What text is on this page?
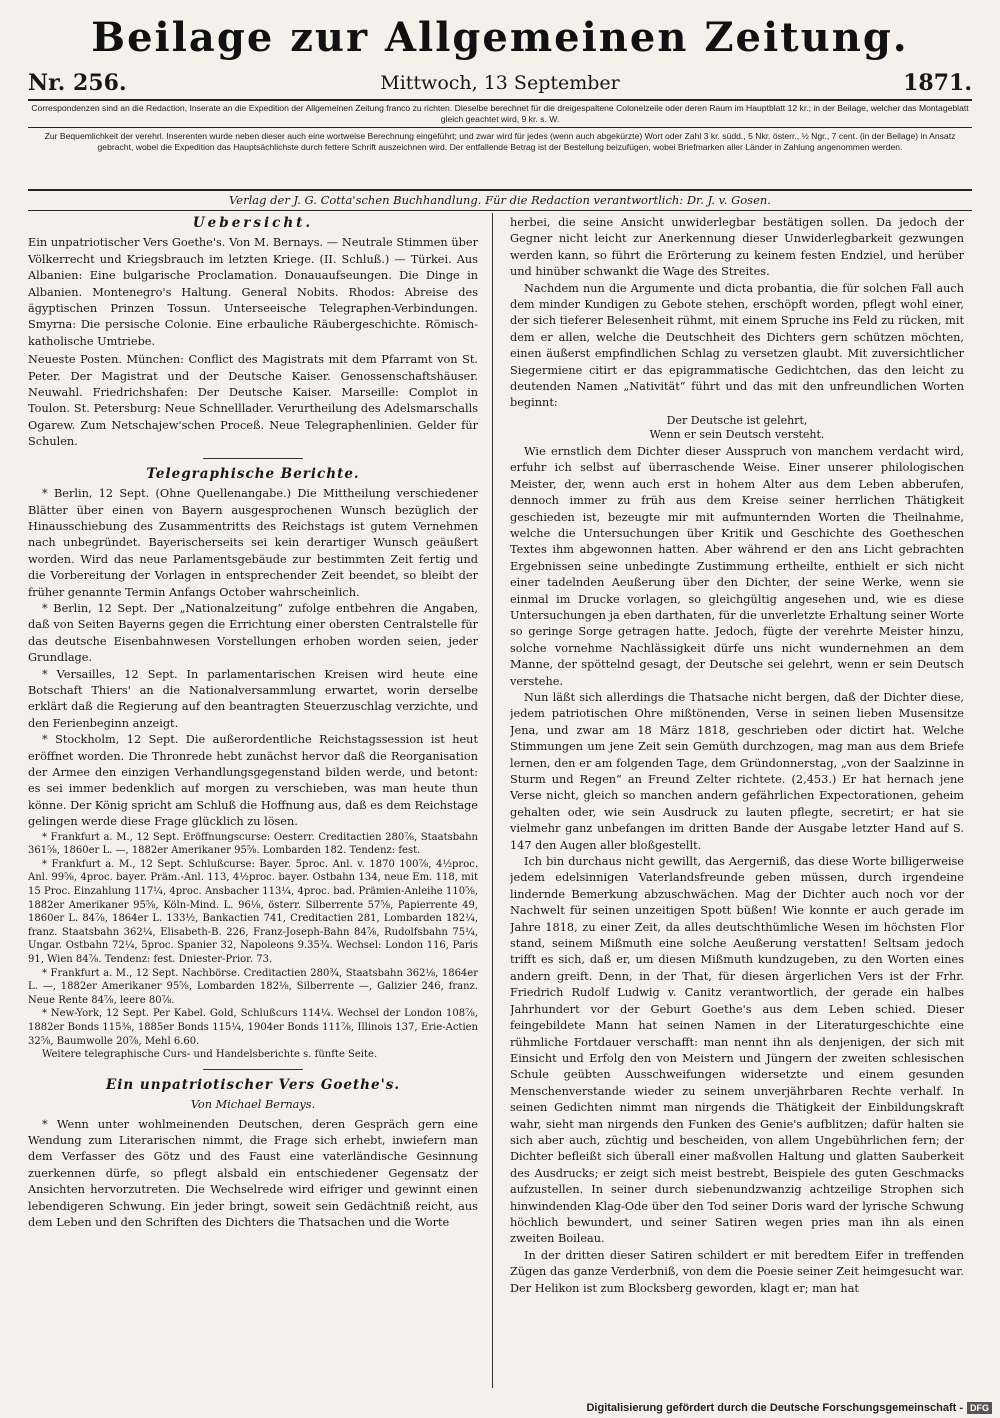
Beilage zur Allgemeinen Zeitung.
Nr. 256.	Mittwoch, 13 September	1871.
Correspondenzen sind an die Redaction, Inserate an die Expedition der Allgemeinen Zeitung franco zu richten. Dieselbe berechnet für die dreigespaltene Colonelzeile oder deren Raum im Hauptblatt 12 kr.; in der Beilage, welcher das Montageblatt gleich geachtet wird, 9 kr. s. W.
Zur Bequemlichkeit der verehrl. Inserenten wurde neben dieser auch eine wortweise Berechnung eingeführt; und zwar wird für jedes (wenn auch abgekürzte) Wort oder Zahl 3 kr. südd., 5 Nkr. österr., ½ Ngr., 7 cent. (in der Beilage) in Ansatz gebracht, wobei die Expedition das Hauptsächlichste durch fettere Schrift auszeichnen wird. Der entfallende Betrag ist der Bestellung beizufügen, wobei Briefmarken aller Länder in Zahlung angenommen werden.
Verlag der J. G. Cotta'schen Buchhandlung. Für die Redaction verantwortlich: Dr. J. v. Gosen.
Uebersicht.

Ein unpatriotischer Vers Goethe's. Von M. Bernays. — Neutrale Stimmen über Völkerrecht und Kriegsbrauch im letzten Kriege. (II. Schluß.) — Türkei. Aus Albanien: Eine bulgarische Proclamation. Donauaufseungen. Die Dinge in Albanien. Montenegro's Haltung. General Nobits. Rhodos: Abreise des ägyptischen Prinzen Tossun. Unterseeische Telegraphen-Verbindungen. Smyrna: Die persische Colonie. Eine erbauliche Räubergeschichte. Römisch-katholische Umtriebe.

Neueste Posten. München: Conflict des Magistrats mit dem Pfarramt von St. Peter. Der Magistrat und der Deutsche Kaiser. Genossenschaftshäuser. Neuwahl. Friedrichshafen: Der Deutsche Kaiser. Marseille: Complot in Toulon. St. Petersburg: Neue Schnelllader. Verurtheilung des Adelsmarschalls Ogarew. Zum Netschajew'schen Proceß. Neue Telegraphenlinien. Gelder für Schulen.

Telegraphische Berichte.

* Berlin, 12 Sept. (Ohne Quellenangabe.) Die Mittheilung verschiedener Blätter über einen von Bayern ausgesprochenen Wunsch bezüglich der Hinausschiebung des Zusammentritts des Reichstags ist gutem Vernehmen nach unbegründet. Bayerischerseits sei kein derartiger Wunsch geäußert worden. Wird das neue Parlamentsgebäude zur bestimmten Zeit fertig und die Vorbereitung der Vorlagen in entsprechender Zeit beendet, so bleibt der früher genannte Termin Anfangs October wahrscheinlich.

* Berlin, 12 Sept. Der „Nationalzeitung“ zufolge entbehren die Angaben, daß von Seiten Bayerns gegen die Errichtung einer obersten Centralstelle für das deutsche Eisenbahnwesen Vorstellungen erhoben worden seien, jeder Grundlage.

* Versailles, 12 Sept. In parlamentarischen Kreisen wird heute eine Botschaft Thiers' an die Nationalversammlung erwartet, worin derselbe erklärt daß die Regierung auf den beantragten Steuerzuschlag verzichte, und den Ferienbeginn anzeigt.

* Stockholm, 12 Sept. Die außerordentliche Reichstagssession ist heut eröffnet worden. Die Thronrede hebt zunächst hervor daß die Reorganisation der Armee den einzigen Verhandlungsgegenstand bilden werde, und betont: es sei immer bedenklich auf morgen zu verschieben, was man heute thun könne. Der König spricht am Schluß die Hoffnung aus, daß es dem Reichstage gelingen werde diese Frage glücklich zu lösen.

* Frankfurt a. M., 12 Sept. Eröffnungscurse: Oesterr. Creditactien 280⅞, Staatsbahn 361⅝, 1860er L. —, 1882er Amerikaner 95⅝. Lombarden 182. Tendenz: fest.

* Frankfurt a. M., 12 Sept. Schlußcurse: Bayer. 5proc. Anl. v. 1870 100⅞, 4½proc. Anl. 99⅝, 4proc. bayer. Präm.-Anl. 113, 4½proc. bayer. Ostbahn 134, neue Em. 118, mit 15 Proc. Einzahlung 117¼, 4proc. Ansbacher 113¼, 4proc. bad. Prämien-Anleihe 110⅝, 1882er Amerikaner 95⅝, Köln-Mind. L. 96⅛, österr. Silberrente 57⅝, Papierrente 49, 1860er L. 84⅞, 1864er L. 133½, Bankactien 741, Creditactien 281, Lombarden 182¼, franz. Staatsbahn 362¼, Elisabeth-B. 226, Franz-Joseph-Bahn 84⅞, Rudolfsbahn 75¼, Ungar. Ostbahn 72¼, 5proc. Spanier 32, Napoleons 9.35¾. Wechsel: London 116, Paris 91, Wien 84⅞. Tendenz: fest. Dniester-Prior. 73.

* Frankfurt a. M., 12 Sept. Nachbörse. Creditactien 280¾, Staatsbahn 362⅛, 1864er L. —, 1882er Amerikaner 95⅝, Lombarden 182⅛, Silberrente —, Galizier 246, franz. Neue Rente 84⅞, leere 80⅞.

* New-York, 12 Sept. Per Kabel. Gold, Schlußcurs 114¼. Wechsel der London 108⅞, 1882er Bonds 115⅜, 1885er Bonds 115¼, 1904er Bonds 111⅞, Illinois 137, Erie-Actien 32⅝, Baumwolle 20⅞, Mehl 6.60.

Weitere telegraphische Curs- und Handelsberichte s. fünfte Seite.

Ein unpatriotischer Vers Goethe's.
Von Michael Bernays.

* Wenn unter wohlmeinenden Deutschen, deren Gespräch gern eine Wendung zum Literarischen nimmt, die Frage sich erhebt, inwiefern man dem Verfasser des Götz und des Faust eine vaterländische Gesinnung zuerkennen dürfe, so pflegt alsbald ein entschiedener Gegensatz der Ansichten hervorzutreten. Die Wechselrede wird eifriger und gewinnt einen lebendigeren Schwung. Ein jeder bringt, soweit sein Gedächtniß reicht, aus dem Leben und den Schriften des Dichters die Thatsachen und die Worte

herbei, die seine Ansicht unwiderlegbar bestätigen sollen. Da jedoch der Gegner nicht leicht zur Anerkennung dieser Unwiderlegbarkeit gezwungen werden kann, so führt die Erörterung zu keinem festen Endziel, und herüber und hinüber schwankt die Wage des Streites.

Nachdem nun die Argumente und dicta probantia, die für solchen Fall auch dem minder Kundigen zu Gebote stehen, erschöpft worden, pflegt wohl einer, der sich tieferer Belesenheit rühmt, mit einem Spruche ins Feld zu rücken, mit dem er allen, welche die Deutschheit des Dichters gern schützen möchten, einen äußerst empfindlichen Schlag zu versetzen glaubt. Mit zuversichtlicher Siegermiene citirt er das epigrammatische Gedichtchen, das den leicht zu deutenden Namen „Nativität“ führt und das mit den unfreundlichen Worten beginnt:

Der Deutsche ist gelehrt,
Wenn er sein Deutsch versteht.

Wie ernstlich dem Dichter dieser Ausspruch von manchem verdacht wird, erfuhr ich selbst auf überraschende Weise. Einer unserer philologischen Meister, der, wenn auch erst in hohem Alter aus dem Leben abberufen, dennoch immer zu früh aus dem Kreise seiner herrlichen Thätigkeit geschieden ist, bezeugte mir mit aufmunternden Worten die Theilnahme, welche die Untersuchungen über Kritik und Geschichte des Goetheschen Textes ihm abgewonnen hatten. Aber während er den ans Licht gebrachten Ergebnissen seine unbedingte Zustimmung ertheilte, enthielt er sich nicht einer tadelnden Aeußerung über den Dichter, der seine Werke, wenn sie einmal im Drucke vorlagen, so gleichgültig angesehen und, wie es diese Untersuchungen ja eben darthaten, für die unverletzte Erhaltung seiner Worte so geringe Sorge getragen hatte. Jedoch, fügte der verehrte Meister hinzu, solche vornehme Nachlässigkeit dürfe uns nicht wundernehmen an dem Manne, der spöttelnd gesagt, der Deutsche sei gelehrt, wenn er sein Deutsch verstehe.

Nun läßt sich allerdings die Thatsache nicht bergen, daß der Dichter diese, jedem patriotischen Ohre mißtönenden, Verse in seinen lieben Musensitze Jena, und zwar am 18 März 1818, geschrieben oder dictirt hat. Welche Stimmungen um jene Zeit sein Gemüth durchzogen, mag man aus dem Briefe lernen, den er am folgenden Tage, dem Gründonnerstag, „von der Saalzinne in Sturm und Regen“ an Freund Zelter richtete. (2,453.) Er hat hernach jene Verse nicht, gleich so manchen andern gefährlichen Expectorationen, geheim gehalten oder, wie sein Ausdruck zu lauten pflegte, secretirt; er hat sie vielmehr ganz unbefangen im dritten Bande der Ausgabe letzter Hand auf S. 147 den Augen aller bloßgestellt.

Ich bin durchaus nicht gewillt, das Aergerniß, das diese Worte billigerweise jedem edelsinnigen Vaterlandsfreunde geben müssen, durch irgendeine lindernde Bemerkung abzuschwächen. Mag der Dichter auch noch vor der Nachwelt für seinen unzeitigen Spott büßen! Wie konnte er auch gerade im Jahre 1818, zu einer Zeit, da alles deutschthümliche Wesen im höchsten Flor stand, seinem Mißmuth eine solche Aeußerung verstatten! Seltsam jedoch trifft es sich, daß er, um diesen Mißmuth kundzugeben, zu den Worten eines andern greift. Denn, in der That, für diesen ärgerlichen Vers ist der Frhr. Friedrich Rudolf Ludwig v. Canitz verantwortlich, der gerade ein halbes Jahrhundert vor der Geburt Goethe's aus dem Leben schied. Dieser feingebildete Mann hat seinen Namen in der Literaturgeschichte eine rühmliche Fortdauer verschafft: man nennt ihn als denjenigen, der sich mit Einsicht und Erfolg den von Meistern und Jüngern der zweiten schlesischen Schule geübten Ausschweifungen widersetzte und einem gesunden Menschenverstande wieder zu seinem unverjährbaren Rechte verhalf. In seinen Gedichten nimmt man nirgends die Thätigkeit der Einbildungskraft wahr, sieht man nirgends den Funken des Genie's aufblitzen; dafür halten sie sich aber auch, züchtig und bescheiden, von allem Ungebührlichen fern; der Dichter befleißt sich überall einer maßvollen Haltung und glatten Sauberkeit des Ausdrucks; er zeigt sich meist bestrebt, Beispiele des guten Geschmacks aufzustellen. In seiner durch siebenundzwanzig achtzeilige Strophen sich hinwindenden Klag-Ode über den Tod seiner Doris ward der lyrische Schwung höchlich bewundert, und seiner Satiren wegen pries man ihn als einen zweiten Boileau.

In der dritten dieser Satiren schildert er mit beredtem Eifer in treffenden Zügen das ganze Verderbniß, von dem die Poesie seiner Zeit heimgesucht war. Der Helikon ist zum Blocksberg geworden, klagt er; man hat

Digitalisierung gefördert durch die Deutsche Forschungsgemeinschaft - DFG
